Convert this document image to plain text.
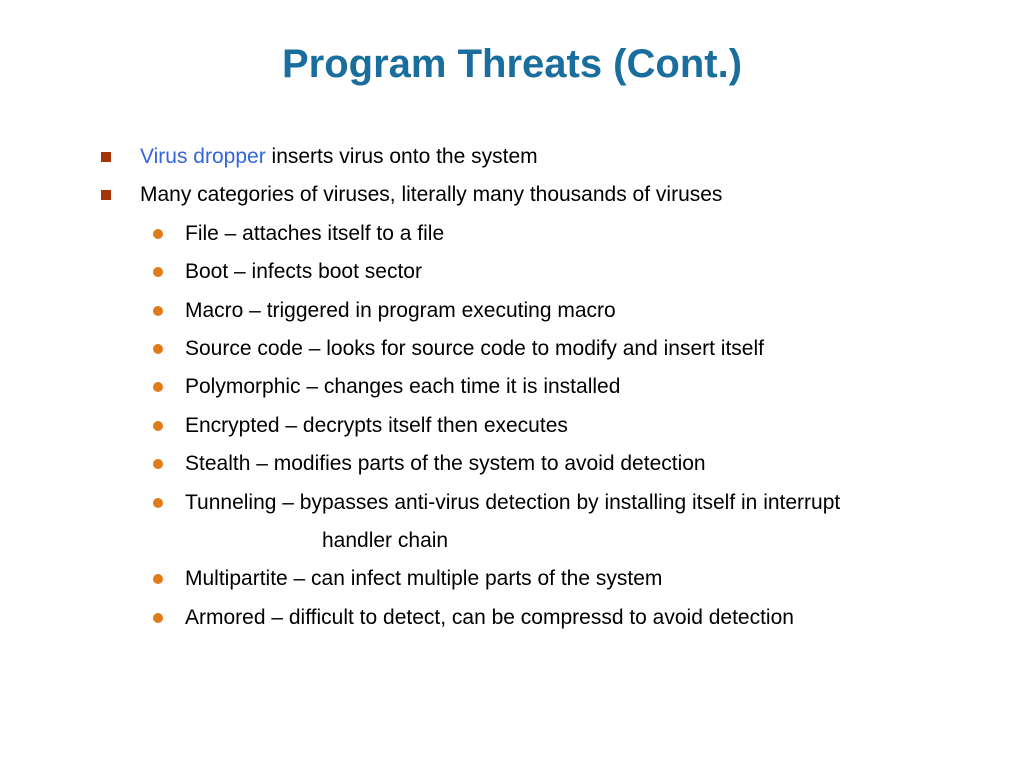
Program Threats (Cont.)
Virus dropper inserts virus onto the system
Many categories of viruses, literally many thousands of viruses
File – attaches itself to a file
Boot – infects boot sector
Macro – triggered in program executing macro
Source code – looks for source code to modify and insert itself
Polymorphic – changes each time it is installed
Encrypted – decrypts itself then executes
Stealth – modifies parts of the system to avoid detection
Tunneling – bypasses anti-virus detection by installing itself in interrupt
handler chain
Multipartite – can infect multiple parts of the system
Armored – difficult to detect, can be compressd to avoid detection
